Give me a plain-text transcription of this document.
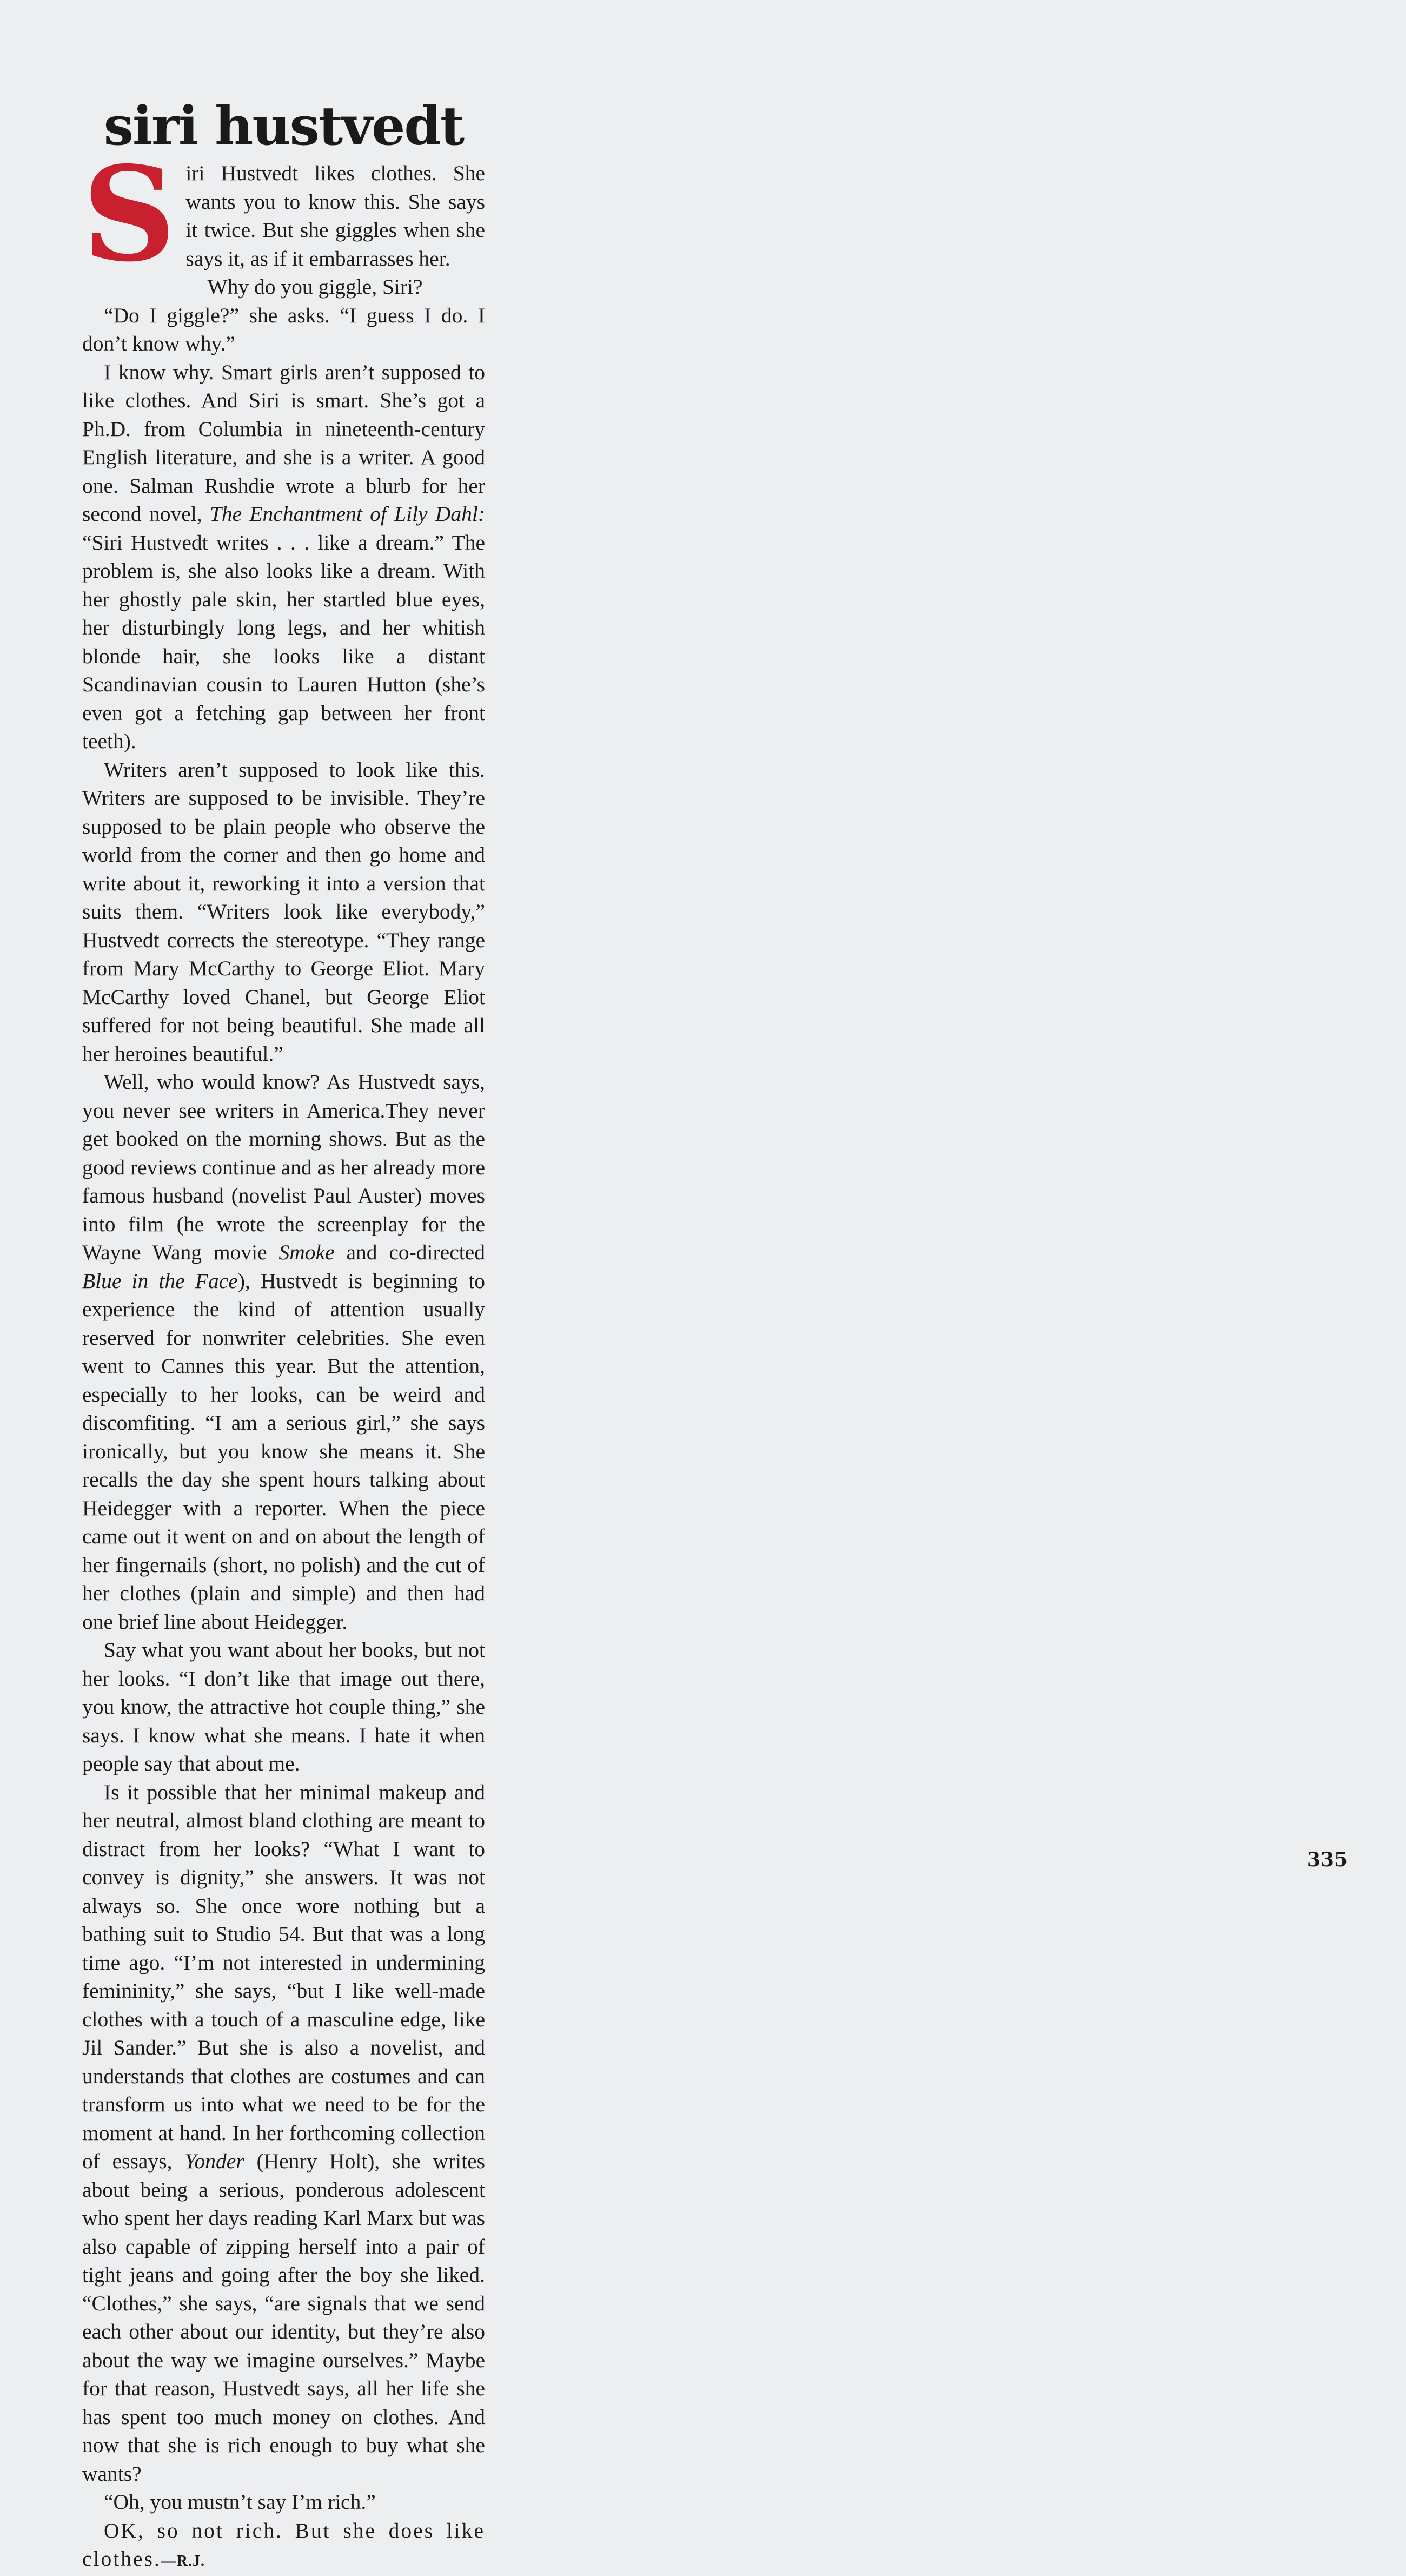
siri hustvedt

Siri Hustvedt likes clothes. She wants you to know this. She says it twice. But she giggles when she says it, as if it embarrasses her.

Why do you giggle, Siri?

“Do I giggle?” she asks. “I guess I do. I don’t know why.”

I know why. Smart girls aren’t supposed to like clothes. And Siri is smart. She’s got a Ph.D. from Columbia in nineteenth-century English literature, and she is a writer. A good one. Salman Rushdie wrote a blurb for her second novel, The Enchantment of Lily Dahl: “Siri Hustvedt writes . . . like a dream.” The problem is, she also looks like a dream. With her ghostly pale skin, her startled blue eyes, her disturbingly long legs, and her whitish blonde hair, she looks like a distant Scandinavian cousin to Lauren Hutton (she’s even got a fetching gap between her front teeth).

Writers aren’t supposed to look like this. Writers are supposed to be invisible. They’re supposed to be plain people who observe the world from the corner and then go home and write about it, reworking it into a version that suits them. “Writers look like everybody,” Hustvedt corrects the stereotype. “They range from Mary McCarthy to George Eliot. Mary McCarthy loved Chanel, but George Eliot suffered for not being beautiful. She made all her heroines beautiful.”

Well, who would know? As Hustvedt says, you never see writers in America.They never get booked on the morning shows. But as the good reviews continue and as her already more famous husband (novelist Paul Auster) moves into film (he wrote the screenplay for the Wayne Wang movie Smoke and co-directed Blue in the Face), Hustvedt is beginning to experience the kind of attention usually reserved for nonwriter celebrities. She even went to Cannes this year. But the attention, especially to her looks, can be weird and discomfiting. “I am a serious girl,” she says ironically, but you know she means it. She recalls the day she spent hours talking about Heidegger with a reporter. When the piece came out it went on and on about the length of her fingernails (short, no polish) and the cut of her clothes (plain and simple) and then had one brief line about Heidegger.

Say what you want about her books, but not her looks. “I don’t like that image out there, you know, the attractive hot couple thing,” she says. I know what she means. I hate it when people say that about me.

Is it possible that her minimal makeup and her neutral, almost bland clothing are meant to distract from her looks? “What I want to convey is dignity,” she answers. It was not always so. She once wore nothing but a bathing suit to Studio 54. But that was a long time ago. “I’m not interested in undermining femininity,” she says, “but I like well-made clothes with a touch of a masculine edge, like Jil Sander.” But she is also a novelist, and understands that clothes are costumes and can transform us into what we need to be for the moment at hand. In her forthcoming collection of essays, Yonder (Henry Holt), she writes about being a serious, ponderous adolescent who spent her days reading Karl Marx but was also capable of zipping herself into a pair of tight jeans and going after the boy she liked. “Clothes,” she says, “are signals that we send each other about our identity, but they’re also about the way we imagine ourselves.” Maybe for that reason, Hustvedt says, all her life she has spent too much money on clothes. And now that she is rich enough to buy what she wants?

“Oh, you mustn’t say I’m rich.”

OK, so not rich. But she does like clothes.—R.J.

335
